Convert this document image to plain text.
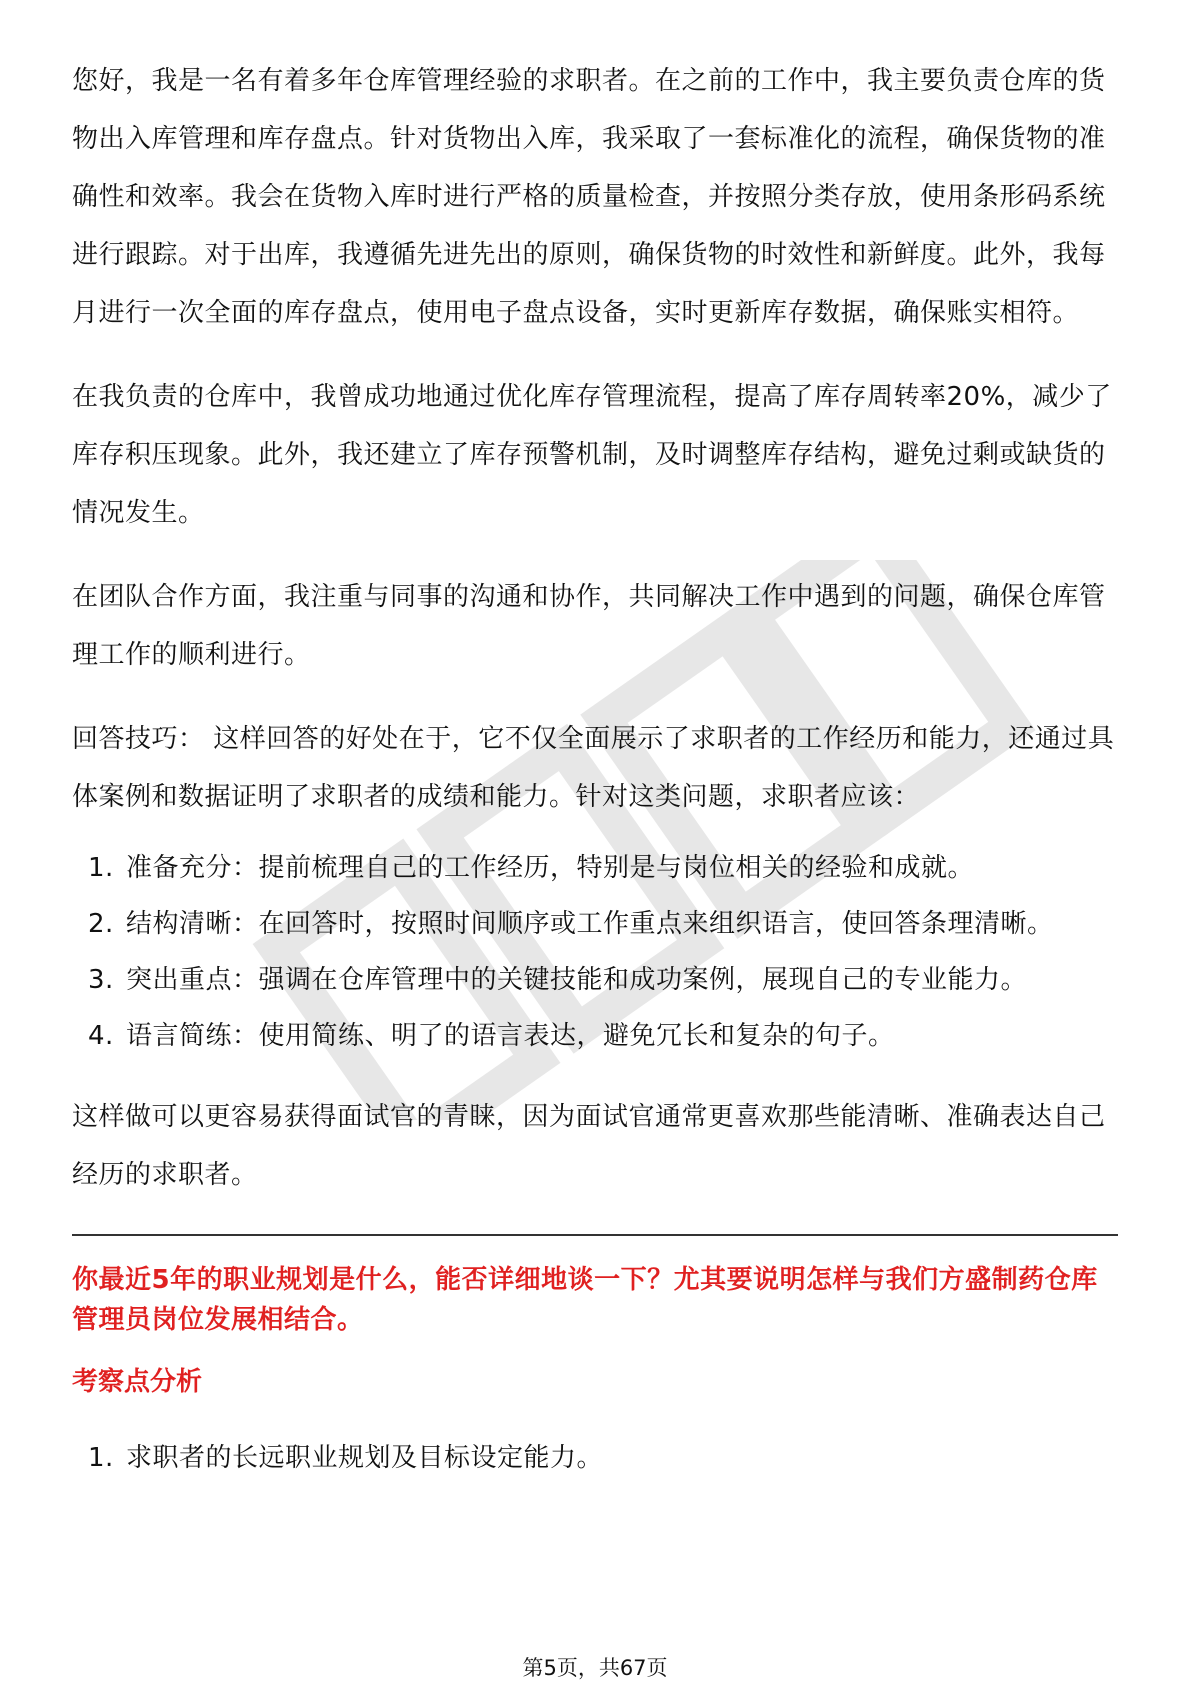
您好，我是一名有着多年仓库管理经验的求职者。在之前的工作中，我主要负责仓库的货物出入库管理和库存盘点。针对货物出入库，我采取了一套标准化的流程，确保货物的准确性和效率。我会在货物入库时进行严格的质量检查，并按照分类存放，使用条形码系统进行跟踪。对于出库，我遵循先进先出的原则，确保货物的时效性和新鲜度。此外，我每月进行一次全面的库存盘点，使用电子盘点设备，实时更新库存数据，确保账实相符。

在我负责的仓库中，我曾成功地通过优化库存管理流程，提高了库存周转率20%，减少了库存积压现象。此外，我还建立了库存预警机制，及时调整库存结构，避免过剩或缺货的情况发生。

在团队合作方面，我注重与同事的沟通和协作，共同解决工作中遇到的问题，确保仓库管理工作的顺利进行。

回答技巧： 这样回答的好处在于，它不仅全面展示了求职者的工作经历和能力，还通过具体案例和数据证明了求职者的成绩和能力。针对这类问题，求职者应该：

1. 准备充分：提前梳理自己的工作经历，特别是与岗位相关的经验和成就。
2. 结构清晰：在回答时，按照时间顺序或工作重点来组织语言，使回答条理清晰。
3. 突出重点：强调在仓库管理中的关键技能和成功案例，展现自己的专业能力。
4. 语言简练：使用简练、明了的语言表达，避免冗长和复杂的句子。

这样做可以更容易获得面试官的青睐，因为面试官通常更喜欢那些能清晰、准确表达自己经历的求职者。

你最近5年的职业规划是什么，能否详细地谈一下？尤其要说明怎样与我们方盛制药仓库管理员岗位发展相结合。
考察点分析
1. 求职者的长远职业规划及目标设定能力。
第5页，共67页
